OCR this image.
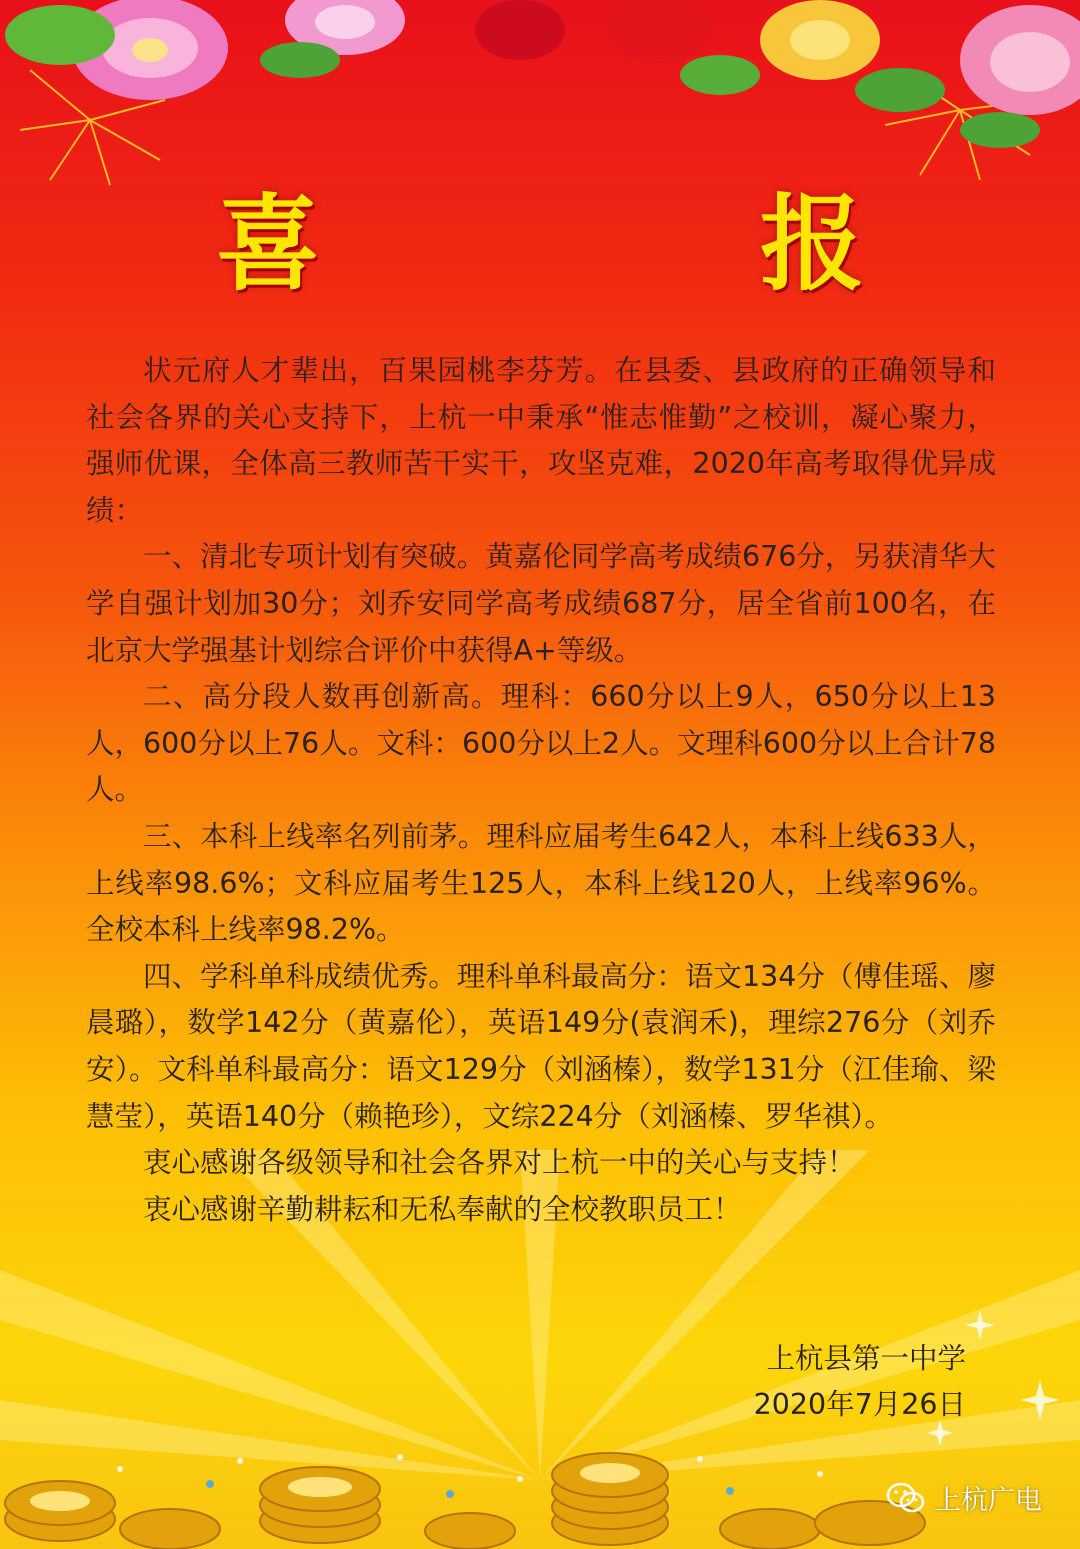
喜　报

状元府人才辈出，百果园桃李芬芳。在县委、县政府的正确领导和社会各界的关心支持下，上杭一中秉承“惟志惟勤”之校训，凝心聚力，强师优课，全体高三教师苦干实干，攻坚克难，2020年高考取得优异成绩：

一、清北专项计划有突破。黄嘉伦同学高考成绩676分，另获清华大学自强计划加30分；刘乔安同学高考成绩687分，居全省前100名，在北京大学强基计划综合评价中获得A+等级。

二、高分段人数再创新高。理科：660分以上9人，650分以上13人，600分以上76人。文科：600分以上2人。文理科600分以上合计78人。

三、本科上线率名列前茅。理科应届考生642人，本科上线633人，上线率98.6%；文科应届考生125人，本科上线120人，上线率96%。全校本科上线率98.2%。

四、学科单科成绩优秀。理科单科最高分：语文134分（傅佳瑶、廖晨璐），数学142分（黄嘉伦），英语149分(袁润禾)，理综276分（刘乔安）。文科单科最高分：语文129分（刘涵榛），数学131分（江佳瑜、梁慧莹），英语140分（赖艳珍），文综224分（刘涵榛、罗华祺）。

衷心感谢各级领导和社会各界对上杭一中的关心与支持！

衷心感谢辛勤耕耘和无私奉献的全校教职员工！

上杭县第一中学
2020年7月26日
上杭广电
